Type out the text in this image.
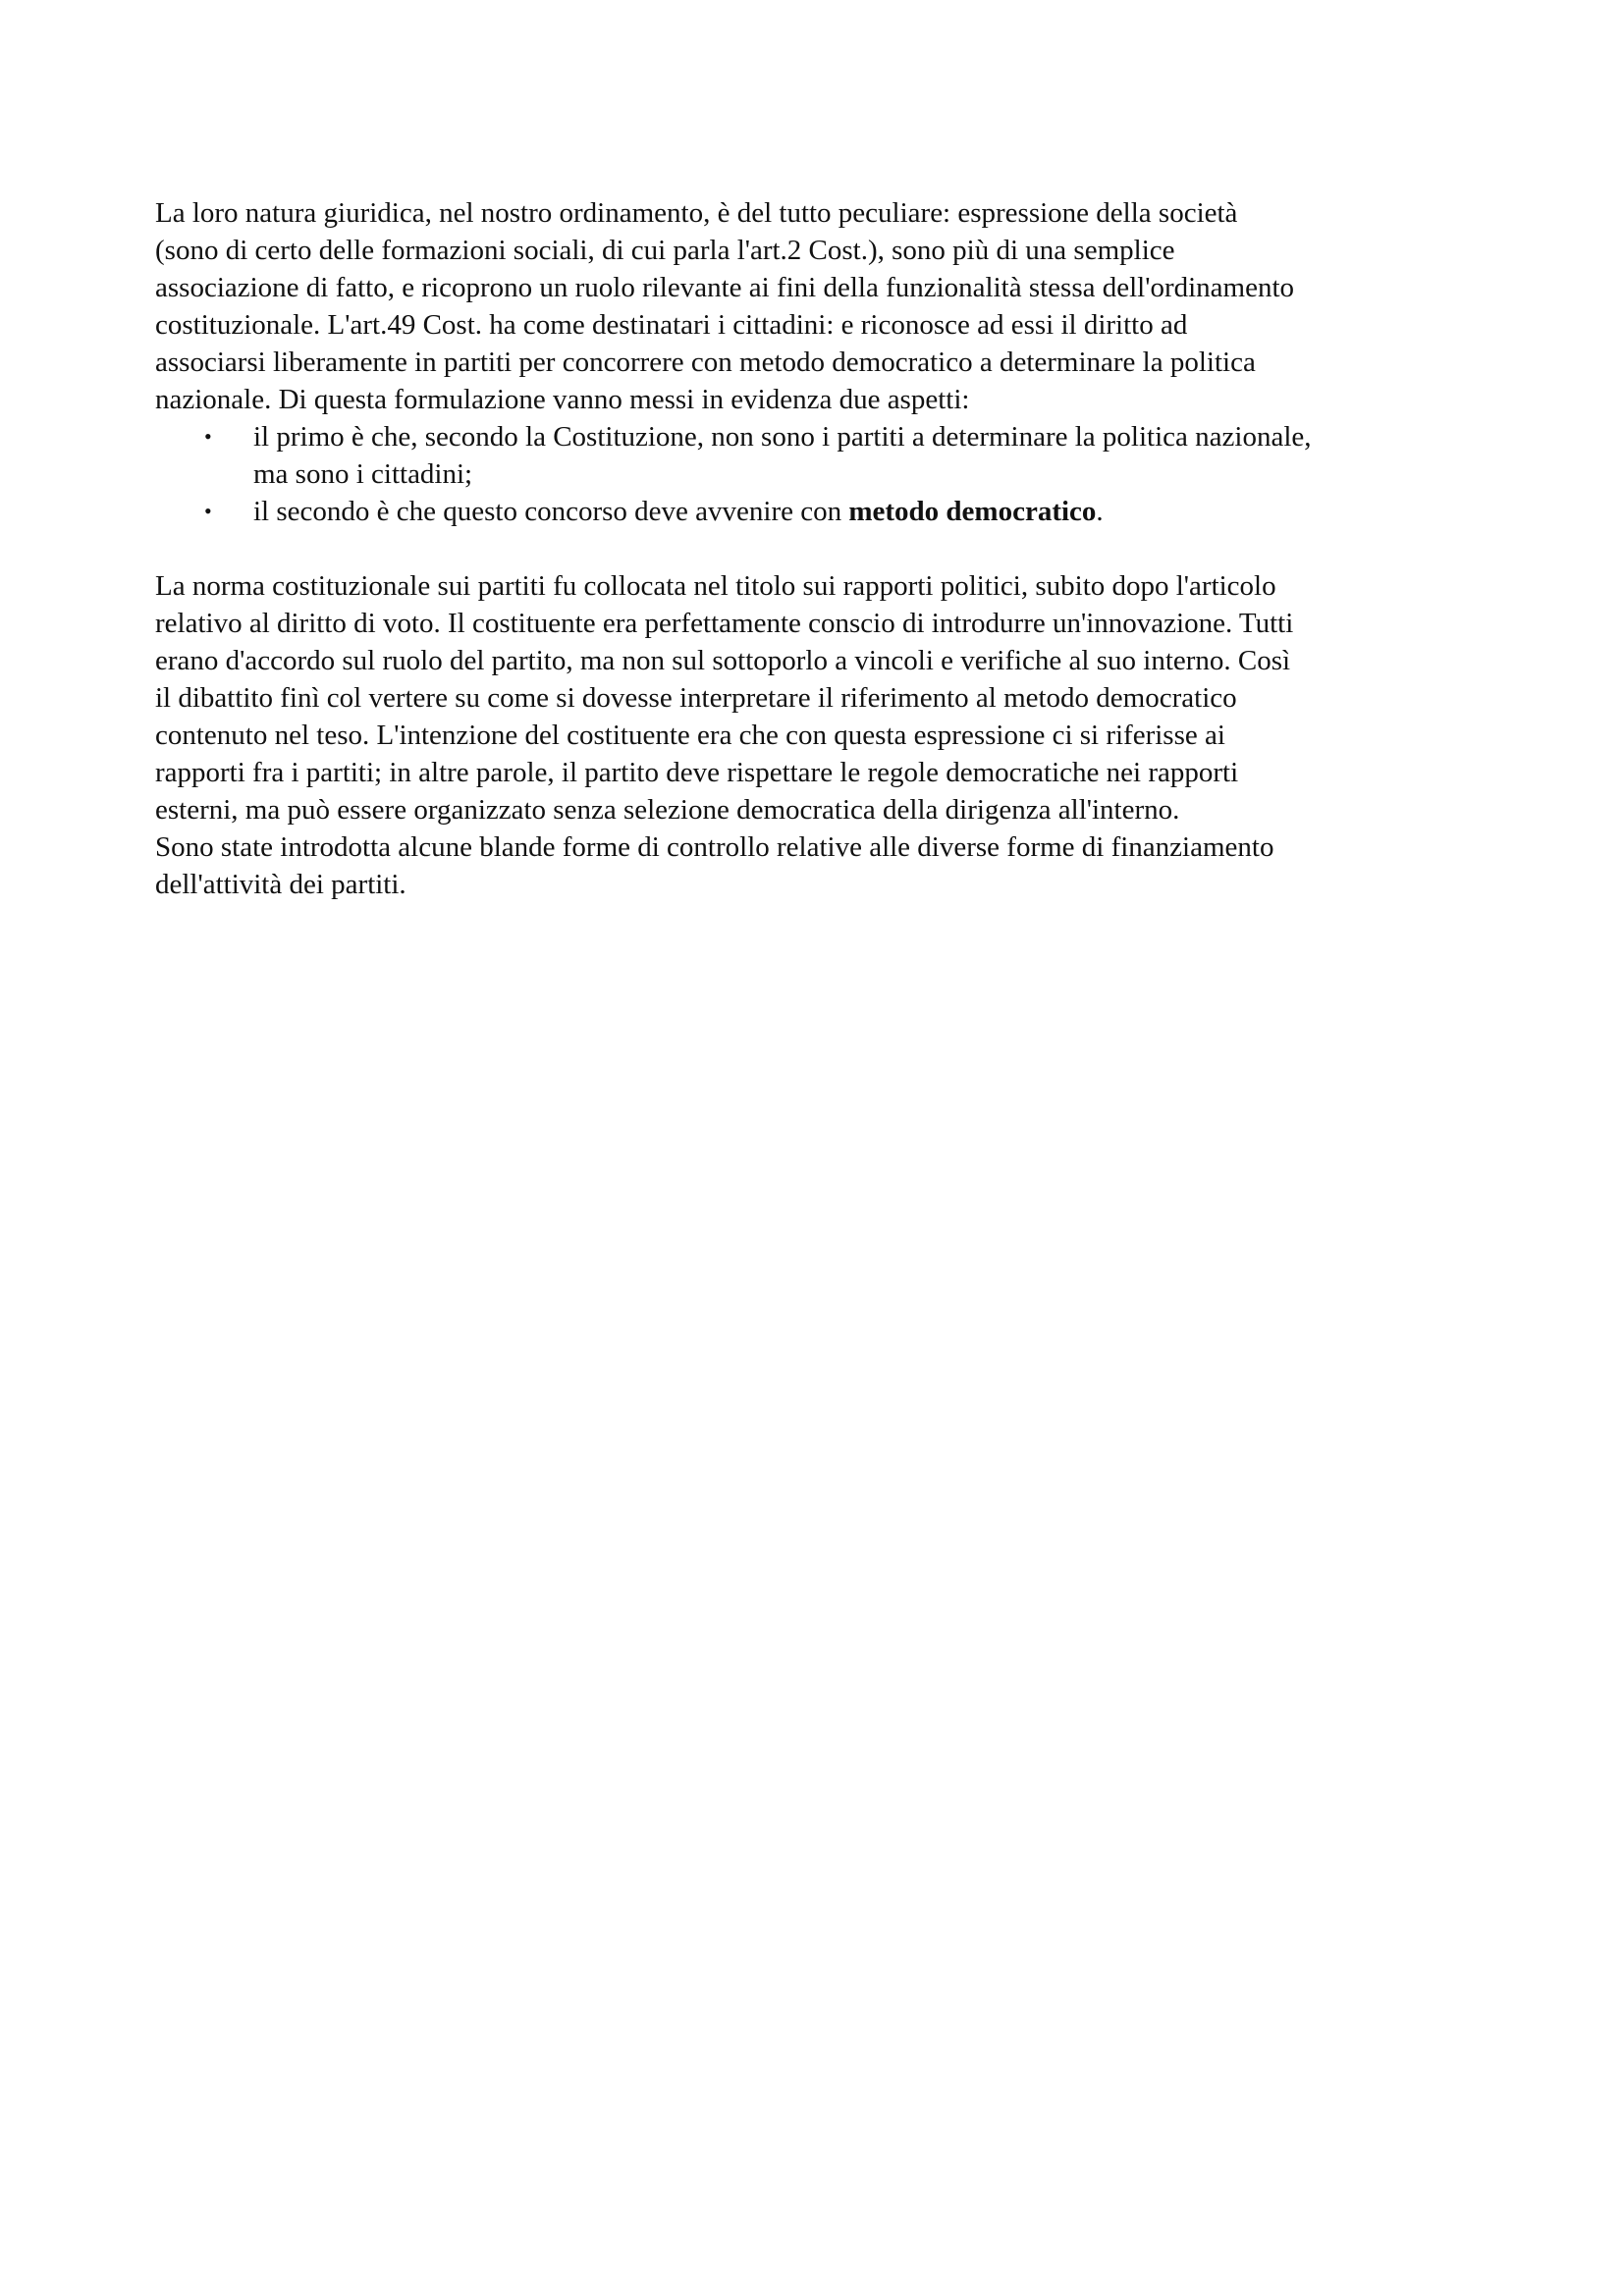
La loro natura giuridica, nel nostro ordinamento, è del tutto peculiare: espressione della società
(sono di certo delle formazioni sociali, di cui parla l'art.2 Cost.), sono più di una semplice
associazione di fatto, e ricoprono un ruolo rilevante ai fini della funzionalità stessa dell'ordinamento
costituzionale. L'art.49 Cost. ha come destinatari i cittadini: e riconosce ad essi il diritto ad
associarsi liberamente in partiti per concorrere con metodo democratico a determinare la politica
nazionale. Di questa formulazione vanno messi in evidenza due aspetti:

• il primo è che, secondo la Costituzione, non sono i partiti a determinare la politica nazionale,
ma sono i cittadini;
• il secondo è che questo concorso deve avvenire con metodo democratico.

La norma costituzionale sui partiti fu collocata nel titolo sui rapporti politici, subito dopo l'articolo
relativo al diritto di voto. Il costituente era perfettamente conscio di introdurre un'innovazione. Tutti
erano d'accordo sul ruolo del partito, ma non sul sottoporlo a vincoli e verifiche al suo interno. Così
il dibattito finì col vertere su come si dovesse interpretare il riferimento al metodo democratico
contenuto nel teso. L'intenzione del costituente era che con questa espressione ci si riferisse ai
rapporti fra i partiti; in altre parole, il partito deve rispettare le regole democratiche nei rapporti
esterni, ma può essere organizzato senza selezione democratica della dirigenza all'interno.
Sono state introdotta alcune blande forme di controllo relative alle diverse forme di finanziamento
dell'attività dei partiti.
